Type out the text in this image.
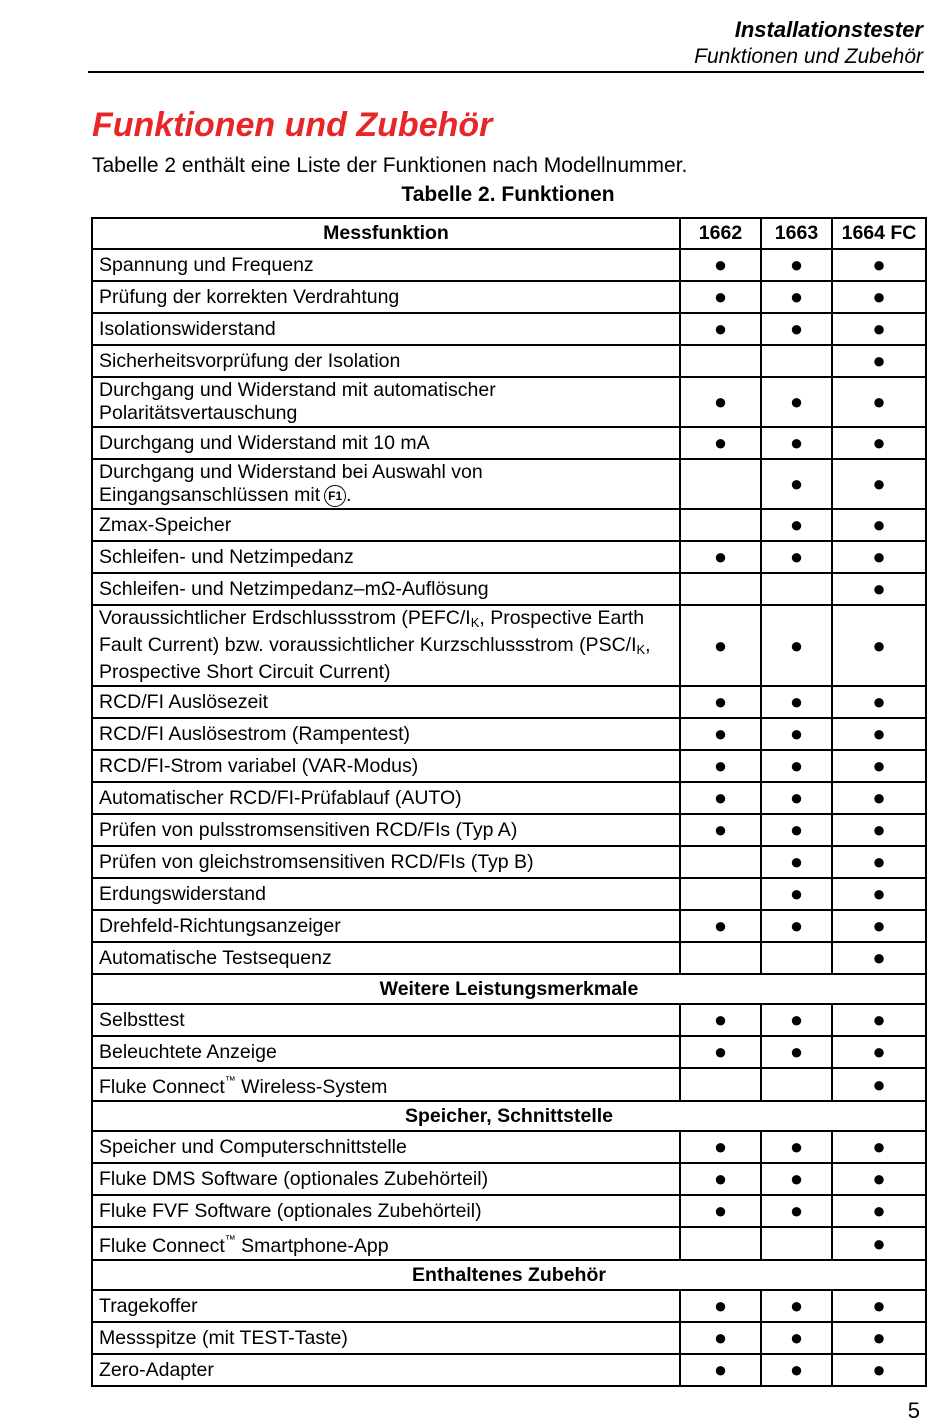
Installationstester
Funktionen und Zubehör
Funktionen und Zubehör
Tabelle 2 enthält eine Liste der Funktionen nach Modellnummer.
Tabelle 2. Funktionen
Messfunktion	1662	1663	1664 FC
Spannung und Frequenz	●	●	●
Prüfung der korrekten Verdrahtung	●	●	●
Isolationswiderstand	●	●	●
Sicherheitsvorprüfung der Isolation			●
Durchgang und Widerstand mit automatischer Polaritätsvertauschung	●	●	●
Durchgang und Widerstand mit 10 mA	●	●	●
Durchgang und Widerstand bei Auswahl von Eingangsanschlüssen mit F1 .		●	●
Zmax-Speicher		●	●
Schleifen- und Netzimpedanz	●	●	●
Schleifen- und Netzimpedanz–mΩ-Auflösung			●
Voraussichtlicher Erdschlussstrom ($PEFC/I_K$, Prospective Earth Fault Current) bzw. voraussichtlicher Kurzschlussstrom ($PSC/I_K$, Prospective Short Circuit Current)	●	●	●
RCD/FI Auslösezeit	●	●	●
RCD/FI Auslösestrom (Rampentest)	●	●	●
RCD/FI-Strom variabel (VAR-Modus)	●	●	●
Automatischer RCD/FI-Prüfablauf (AUTO)	●	●	●
Prüfen von pulsstromsensitiven RCD/FIs (Typ A)	●	●	●
Prüfen von gleichstromsensitiven RCD/FIs (Typ B)		●	●
Erdungswiderstand		●	●
Drehfeld-Richtungsanzeiger	●	●	●
Automatische Testsequenz			●
Weitere Leistungsmerkmale			
Selbsttest	●	●	●
Beleuchtete Anzeige	●	●	●
Fluke Connect™ Wireless-System			●
Speicher, Schnittstelle			
Speicher und Computerschnittstelle	●	●	●
Fluke DMS Software (optionales Zubehörteil)	●	●	●
Fluke FVF Software (optionales Zubehörteil)	●	●	●
Fluke Connect™ Smartphone-App			●
Enthaltenes Zubehör			
Tragekoffer	●	●	●
Messspitze (mit TEST-Taste)	●	●	●
Zero-Adapter	●	●	●
5
